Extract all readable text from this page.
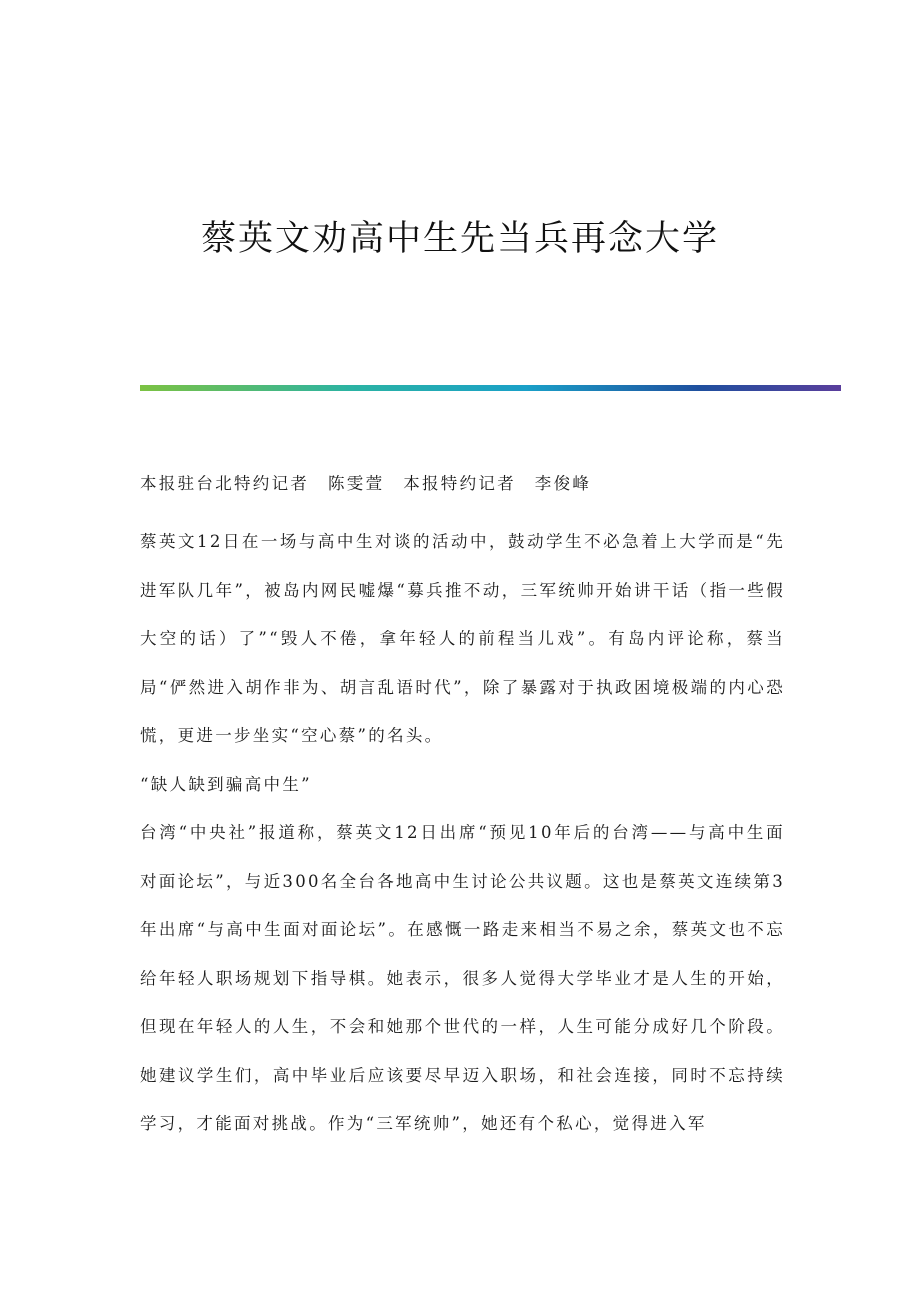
蔡英文劝高中生先当兵再念大学

本报驻台北特约记者　陈雯萱　本报特约记者　李俊峰

蔡英文12日在一场与高中生对谈的活动中，鼓动学生不必急着上大学而是“先进军队几年”，被岛内网民嘘爆“募兵推不动，三军统帅开始讲干话（指一些假大空的话）了”“毁人不倦，拿年轻人的前程当儿戏”。有岛内评论称，蔡当局“俨然进入胡作非为、胡言乱语时代”，除了暴露对于执政困境极端的内心恐慌，更进一步坐实“空心蔡”的名头。

“缺人缺到骗高中生”

台湾“中央社”报道称，蔡英文12日出席“预见10年后的台湾——与高中生面对面论坛”，与近300名全台各地高中生讨论公共议题。这也是蔡英文连续第3年出席“与高中生面对面论坛”。在感慨一路走来相当不易之余，蔡英文也不忘给年轻人职场规划下指导棋。她表示，很多人觉得大学毕业才是人生的开始，但现在年轻人的人生，不会和她那个世代的一样，人生可能分成好几个阶段。她建议学生们，高中毕业后应该要尽早迈入职场，和社会连接，同时不忘持续学习，才能面对挑战。作为“三军统帅”，她还有个私心，觉得进入军
